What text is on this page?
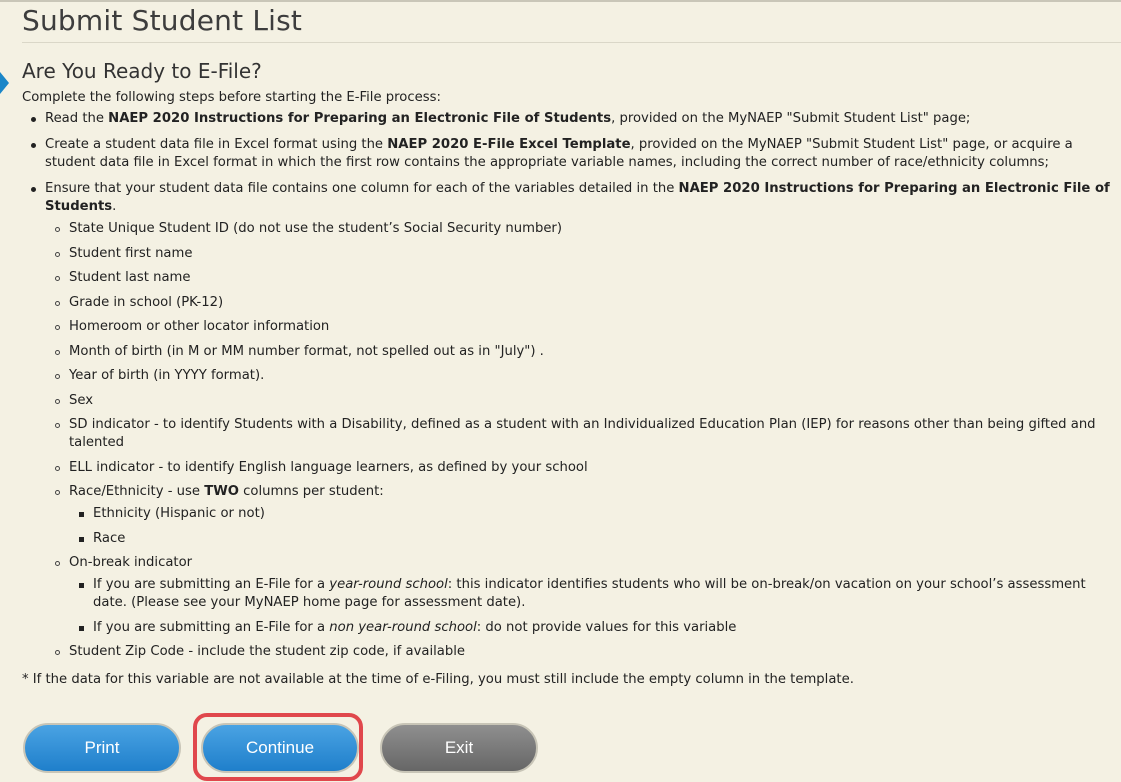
Submit Student List
Are You Ready to E-File?

Complete the following steps before starting the E-File process:

Read the NAEP 2020 Instructions for Preparing an Electronic File of Students, provided on the MyNAEP "Submit Student List" page;
Create a student data file in Excel format using the NAEP 2020 E-File Excel Template, provided on the MyNAEP "Submit Student List" page, or acquire a student data file in Excel format in which the first row contains the appropriate variable names, including the correct number of race/ethnicity columns;
Ensure that your student data file contains one column for each of the variables detailed in the NAEP 2020 Instructions for Preparing an Electronic File of Students.
State Unique Student ID (do not use the student’s Social Security number)
Student first name
Student last name
Grade in school (PK-12)
Homeroom or other locator information
Month of birth (in M or MM number format, not spelled out as in "July") .
Year of birth (in YYYY format).
Sex
SD indicator - to identify Students with a Disability, defined as a student with an Individualized Education Plan (IEP) for reasons other than being gifted and talented
ELL indicator - to identify English language learners, as defined by your school
Race/Ethnicity - use TWO columns per student:
Ethnicity (Hispanic or not)
Race
On-break indicator
If you are submitting an E-File for a year-round school: this indicator identifies students who will be on-break/on vacation on your school’s assessment date. (Please see your MyNAEP home page for assessment date).
If you are submitting an E-File for a non year-round school: do not provide values for this variable
Student Zip Code - include the student zip code, if available

* If the data for this variable are not available at the time of e-Filing, you must still include the empty column in the template.

Print	Continue	Exit
